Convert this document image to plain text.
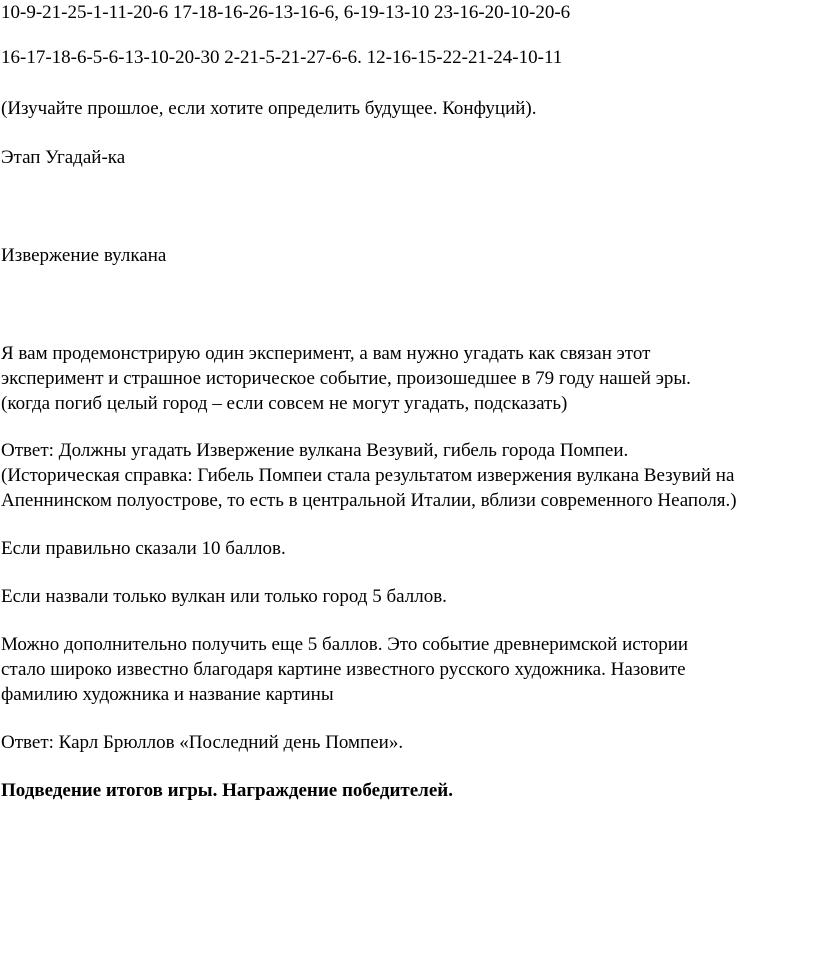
10-9-21-25-1-11-20-6 17-18-16-26-13-16-6, 6-19-13-10 23-16-20-10-20-6

16-17-18-6-5-6-13-10-20-30 2-21-5-21-27-6-6. 12-16-15-22-21-24-10-11

(Изучайте прошлое, если хотите определить будущее. Конфуций).

Этап Угадай-ка

Извержение вулкана

Я вам продемонстрирую один эксперимент, а вам нужно угадать как связан этот

эксперимент и страшное историческое событие, произошедшее в 79 году нашей эры.

(когда погиб целый город – если совсем не могут угадать, подсказать)

Ответ: Должны угадать Извержение вулкана Везувий, гибель города Помпеи.

(Историческая справка: Гибель Помпеи стала результатом извержения вулкана Везувий на

Апеннинском полуострове, то есть в центральной Италии, вблизи современного Неаполя.)

Если правильно сказали 10 баллов.

Если назвали только вулкан или только город 5 баллов.

Можно дополнительно получить еще 5 баллов. Это событие древнеримской истории

стало широко известно благодаря картине известного русского художника. Назовите

фамилию художника и название картины

Ответ: Карл Брюллов «Последний день Помпеи».

Подведение итогов игры. Награждение победителей.
